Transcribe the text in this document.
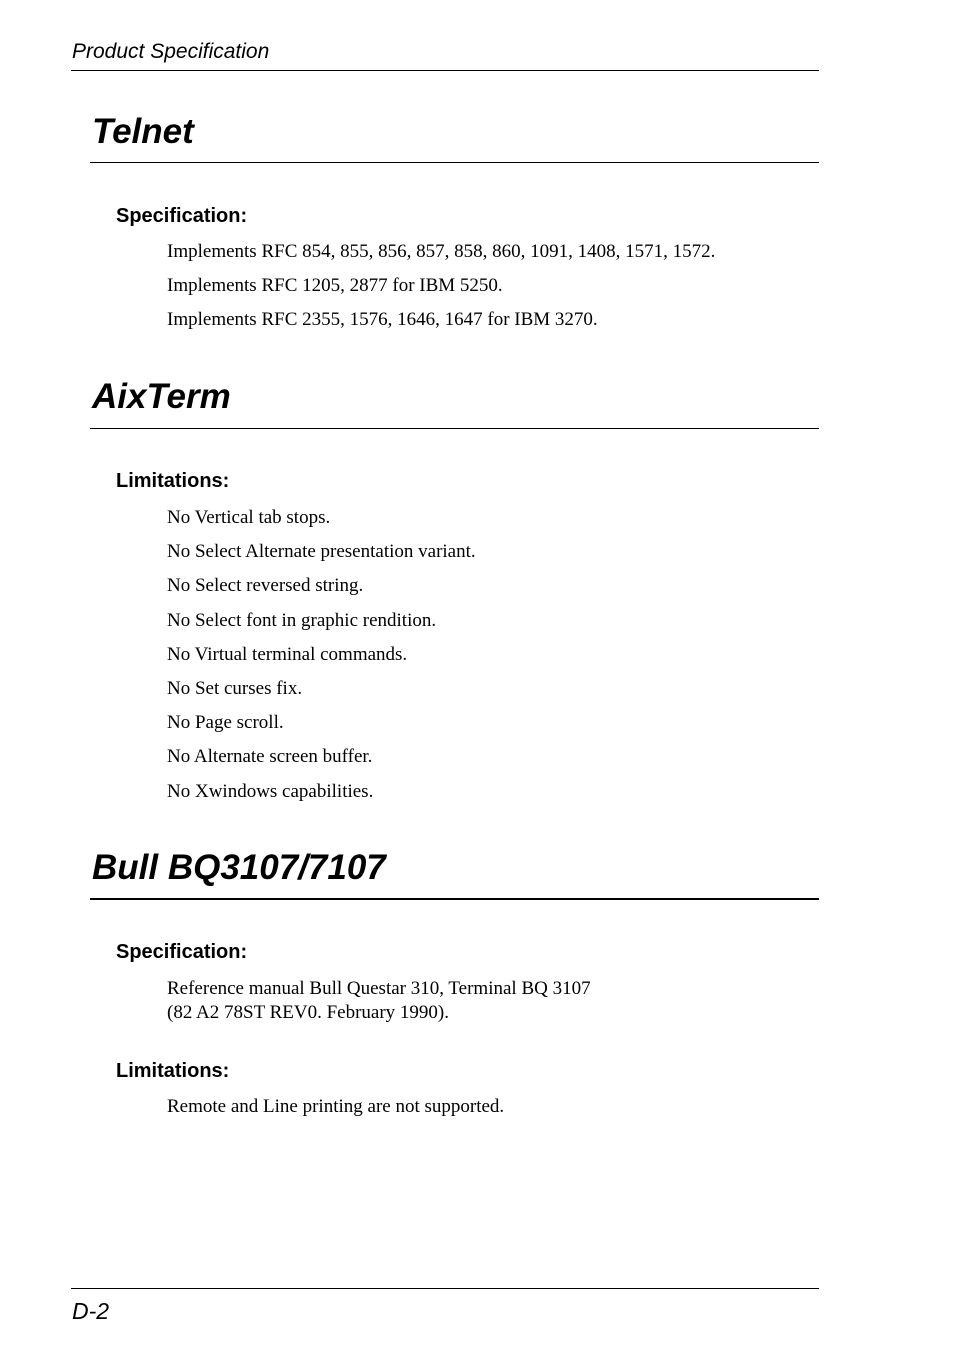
Product Specification
Telnet
Specification:
Implements RFC 854, 855, 856, 857, 858, 860, 1091, 1408, 1571, 1572.
Implements RFC 1205, 2877 for IBM 5250.
Implements RFC 2355, 1576, 1646, 1647 for IBM 3270.
AixTerm
Limitations:
No Vertical tab stops.
No Select Alternate presentation variant.
No Select reversed string.
No Select font in graphic rendition.
No Virtual terminal commands.
No Set curses fix.
No Page scroll.
No Alternate screen buffer.
No Xwindows capabilities.
Bull BQ3107/7107
Specification:

Reference manual Bull Questar 310, Terminal BQ 3107

(82 A2 78ST REV0. February 1990).

Limitations:

Remote and Line printing are not supported.

D-2
